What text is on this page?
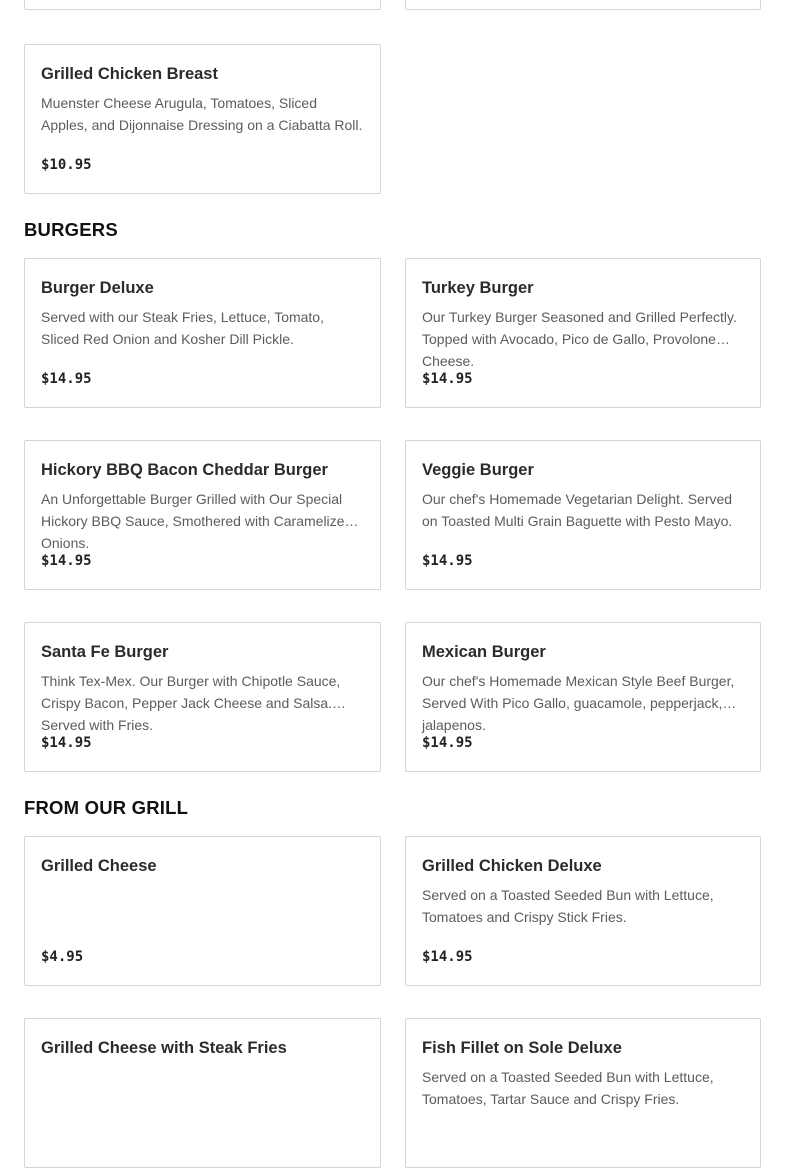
Grilled Chicken Breast
Muenster Cheese Arugula, Tomatoes, Sliced Apples, and Dijonnaise Dressing on a Ciabatta Roll.
$10.95
BURGERS
Burger Deluxe
Served with our Steak Fries, Lettuce, Tomato, Sliced Red Onion and Kosher Dill Pickle.
$14.95
Turkey Burger
Our Turkey Burger Seasoned and Grilled Perfectly. Topped with Avocado, Pico de Gallo, Provolone Cheese.
$14.95
Hickory BBQ Bacon Cheddar Burger
An Unforgettable Burger Grilled with Our Special Hickory BBQ Sauce, Smothered with Caramelized Onions.
$14.95
Veggie Burger
Our chef's Homemade Vegetarian Delight. Served on Toasted Multi Grain Baguette with Pesto Mayo.
$14.95
Santa Fe Burger
Think Tex-Mex. Our Burger with Chipotle Sauce, Crispy Bacon, Pepper Jack Cheese and Salsa. Served with Fries.
$14.95
Mexican Burger
Our chef's Homemade Mexican Style Beef Burger, Served With Pico Gallo, guacamole, pepperjack, jalapenos.
$14.95
FROM OUR GRILL
Grilled Cheese
$4.95
Grilled Chicken Deluxe
Served on a Toasted Seeded Bun with Lettuce, Tomatoes and Crispy Stick Fries.
$14.95
Grilled Cheese with Steak Fries	Fish Fillet on Sole Deluxe
Served on a Toasted Seeded Bun with Lettuce, Tomatoes, Tartar Sauce and Crispy Fries.
